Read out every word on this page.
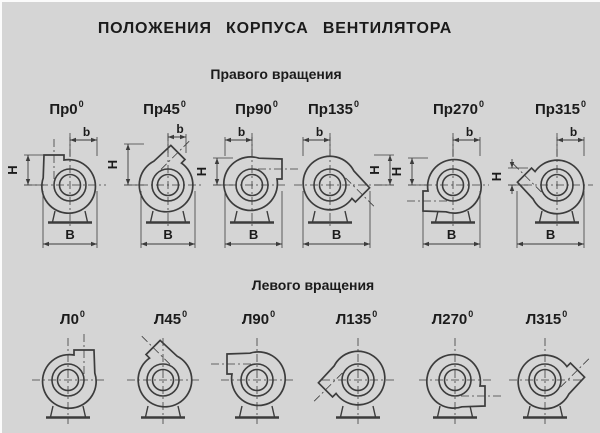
b
Н
В
b
Н
В
b
Н
В
b
Н
В
b
Н
В
b
Н
В
ПОЛОЖЕНИЯ КОРПУСА ВЕНТИЛЯТОРА
Правого вращения
Левого вращения
$Пр0^0$	$Пр45^0$	$Пр90^0$ $Пр135^0$	$Пр270^0$	$Пр315^0$
$Л0^0$	$Л45^0$	$Л90^0$	$Л135^0$	$Л270^0$	$Л315^0$
